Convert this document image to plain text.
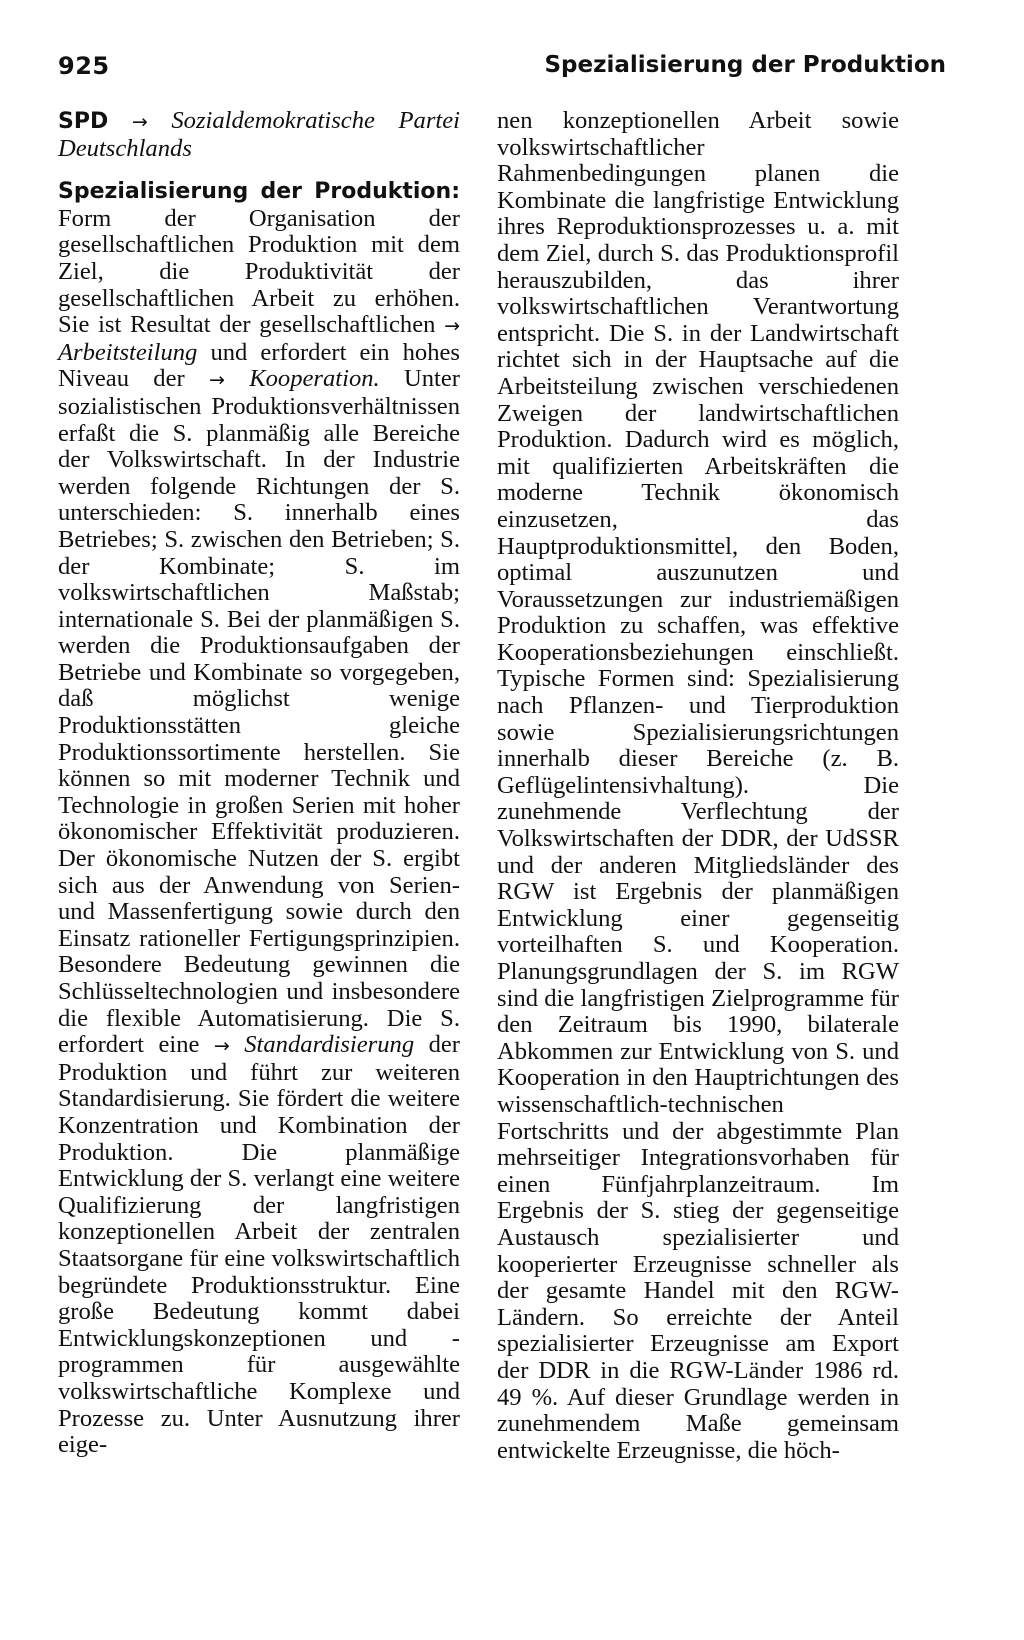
925	Spezialisierung der Produktion

SPD → Sozialdemokratische Partei Deutschlands

Spezialisierung der Produktion: Form der Organisation der gesellschaftlichen Produktion mit dem Ziel, die Produktivität der gesellschaftlichen Arbeit zu erhöhen. Sie ist Resultat der gesellschaftlichen → Arbeitsteilung und erfordert ein hohes Niveau der → Kooperation. Unter sozialistischen Produktionsverhältnissen erfaßt die S. planmäßig alle Bereiche der Volkswirtschaft. In der Industrie werden folgende Richtungen der S. unterschieden: S. innerhalb eines Betriebes; S. zwischen den Betrieben; S. der Kombinate; S. im volkswirtschaftlichen Maßstab; internationale S. Bei der planmäßigen S. werden die Produktionsaufgaben der Betriebe und Kombinate so vorgegeben, daß möglichst wenige Produktionsstätten gleiche Produktionssortimente herstellen. Sie können so mit moderner Technik und Technologie in großen Serien mit hoher ökonomischer Effektivität produzieren. Der ökonomische Nutzen der S. ergibt sich aus der Anwendung von Serien- und Massenfertigung sowie durch den Einsatz rationeller Fertigungsprinzipien. Besondere Bedeutung gewinnen die Schlüsseltechnologien und insbesondere die flexible Automatisierung. Die S. erfordert eine → Standardisierung der Produktion und führt zur weiteren Standardisierung. Sie fördert die weitere Konzentration und Kombination der Produktion. Die planmäßige Entwicklung der S. verlangt eine weitere Qualifizierung der langfristigen konzeptionellen Arbeit der zentralen Staatsorgane für eine volkswirtschaftlich begründete Produktionsstruktur. Eine große Bedeutung kommt dabei Entwicklungskonzeptionen und -programmen für ausgewählte volkswirtschaftliche Komplexe und Prozesse zu. Unter Ausnutzung ihrer eige-

nen konzeptionellen Arbeit sowie volkswirtschaftlicher Rahmenbedingungen planen die Kombinate die langfristige Entwicklung ihres Reproduktionsprozesses u. a. mit dem Ziel, durch S. das Produktionsprofil herauszubilden, das ihrer volkswirtschaftlichen Verantwortung entspricht. Die S. in der Landwirtschaft richtet sich in der Hauptsache auf die Arbeitsteilung zwischen verschiedenen Zweigen der landwirtschaftlichen Produktion. Dadurch wird es möglich, mit qualifizierten Arbeitskräften die moderne Technik ökonomisch einzusetzen, das Hauptproduktionsmittel, den Boden, optimal auszunutzen und Voraussetzungen zur industriemäßigen Produktion zu schaffen, was effektive Kooperationsbeziehungen einschließt. Typische Formen sind: Spezialisierung nach Pflanzen- und Tierproduktion sowie Spezialisierungsrichtungen innerhalb dieser Bereiche (z. B. Geflügelintensivhaltung). Die zunehmende Verflechtung der Volkswirtschaften der DDR, der UdSSR und der anderen Mitgliedsländer des RGW ist Ergebnis der planmäßigen Entwicklung einer gegenseitig vorteilhaften S. und Kooperation. Planungsgrundlagen der S. im RGW sind die langfristigen Zielprogramme für den Zeitraum bis 1990, bilaterale Abkommen zur Entwicklung von S. und Kooperation in den Hauptrichtungen des wissenschaftlich-technischen Fortschritts und der abgestimmte Plan mehrseitiger Integrationsvorhaben für einen Fünfjahrplanzeitraum. Im Ergebnis der S. stieg der gegenseitige Austausch spezialisierter und kooperierter Erzeugnisse schneller als der gesamte Handel mit den RGW-Ländern. So erreichte der Anteil spezialisierter Erzeugnisse am Export der DDR in die RGW-Länder 1986 rd. 49 %. Auf dieser Grundlage werden in zunehmendem Maße gemeinsam entwickelte Erzeugnisse, die höch-
